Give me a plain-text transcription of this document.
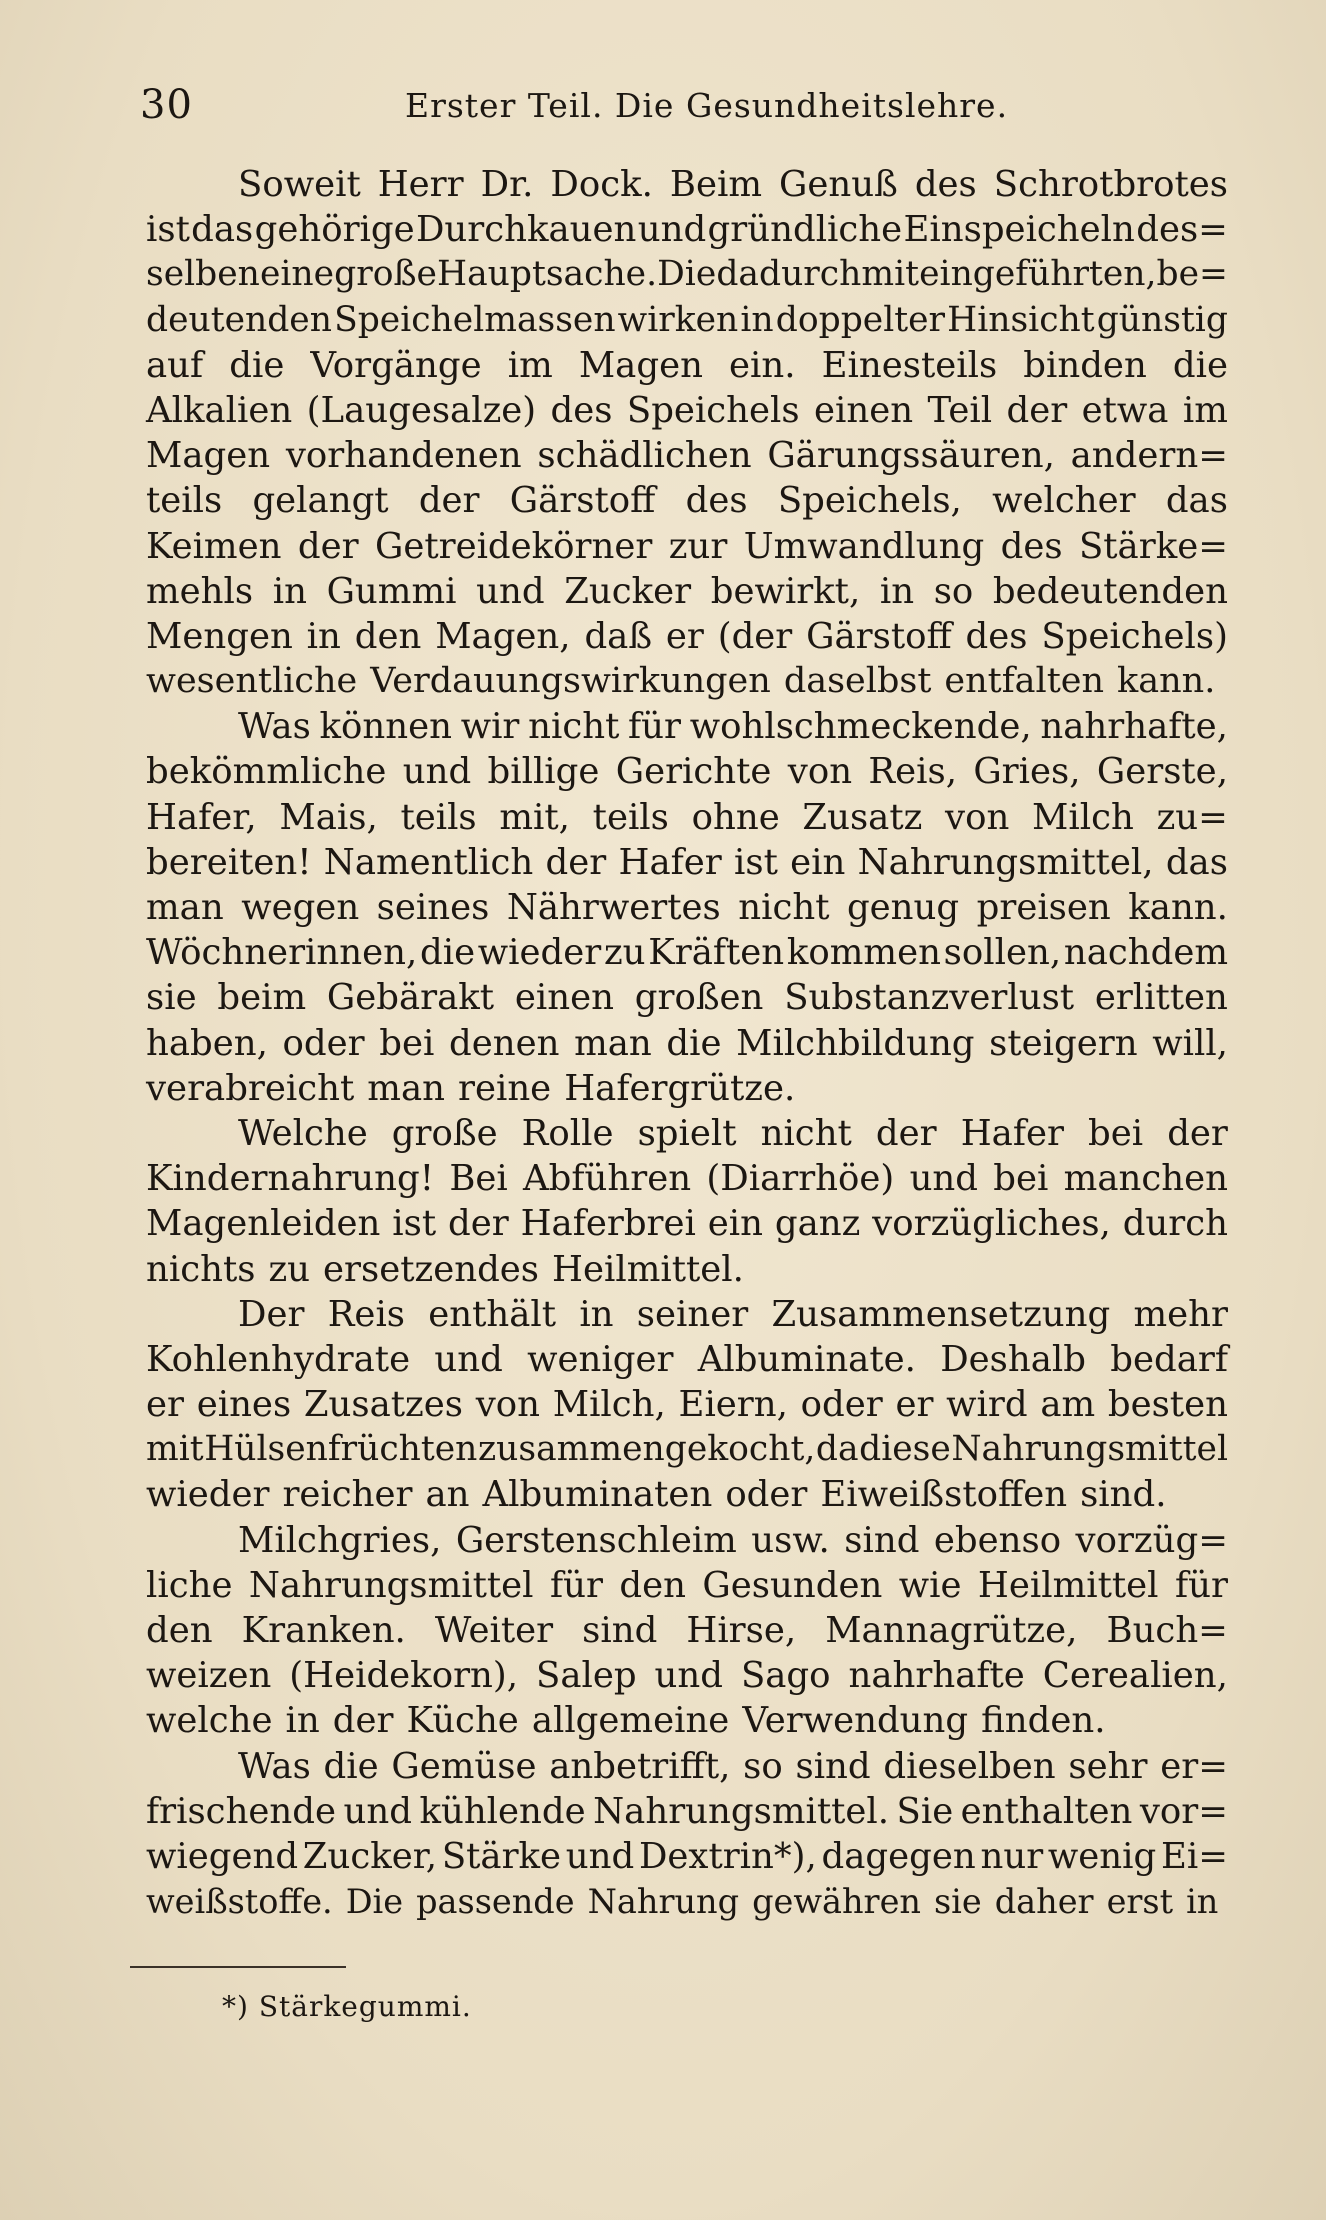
30	Erster Teil. Die Gesundheitslehre.
Soweit Herr Dr. Dock. Beim Genuß des Schrotbrotes
ist das gehörige Durchkauen und gründliche Einspeicheln des=
selben eine große Hauptsache. Die dadurch mit eingeführten, be=
deutenden Speichelmassen wirken in doppelter Hinsicht günstig
auf die Vorgänge im Magen ein. Einesteils binden die
Alkalien (Laugesalze) des Speichels einen Teil der etwa im
Magen vorhandenen schädlichen Gärungssäuren, andern=
teils gelangt der Gärstoff des Speichels, welcher das
Keimen der Getreidekörner zur Umwandlung des Stärke=
mehls in Gummi und Zucker bewirkt, in so bedeutenden
Mengen in den Magen, daß er (der Gärstoff des Speichels)
wesentliche Verdauungswirkungen daselbst entfalten kann.
Was können wir nicht für wohlschmeckende, nahrhafte,
bekömmliche und billige Gerichte von Reis, Gries, Gerste,
Hafer, Mais, teils mit, teils ohne Zusatz von Milch zu=
bereiten! Namentlich der Hafer ist ein Nahrungsmittel, das
man wegen seines Nährwertes nicht genug preisen kann.
Wöchnerinnen, die wieder zu Kräften kommen sollen, nachdem
sie beim Gebärakt einen großen Substanzverlust erlitten
haben, oder bei denen man die Milchbildung steigern will,
verabreicht man reine Hafergrütze.
Welche große Rolle spielt nicht der Hafer bei der
Kindernahrung! Bei Abführen (Diarrhöe) und bei manchen
Magenleiden ist der Haferbrei ein ganz vorzügliches, durch
nichts zu ersetzendes Heilmittel.
Der Reis enthält in seiner Zusammensetzung mehr
Kohlenhydrate und weniger Albuminate. Deshalb bedarf
er eines Zusatzes von Milch, Eiern, oder er wird am besten
mit Hülsenfrüchten zusammengekocht, da diese Nahrungsmittel
wieder reicher an Albuminaten oder Eiweißstoffen sind.
Milchgries, Gerstenschleim usw. sind ebenso vorzüg=
liche Nahrungsmittel für den Gesunden wie Heilmittel für
den Kranken. Weiter sind Hirse, Mannagrütze, Buch=
weizen (Heidekorn), Salep und Sago nahrhafte Cerealien,
welche in der Küche allgemeine Verwendung finden.
Was die Gemüse anbetrifft, so sind dieselben sehr er=
frischende und kühlende Nahrungsmittel. Sie enthalten vor=
wiegend Zucker, Stärke und Dextrin*), dagegen nur wenig Ei=
weißstoffe. Die passende Nahrung gewähren sie daher erst in
*) Stärkegummi.
